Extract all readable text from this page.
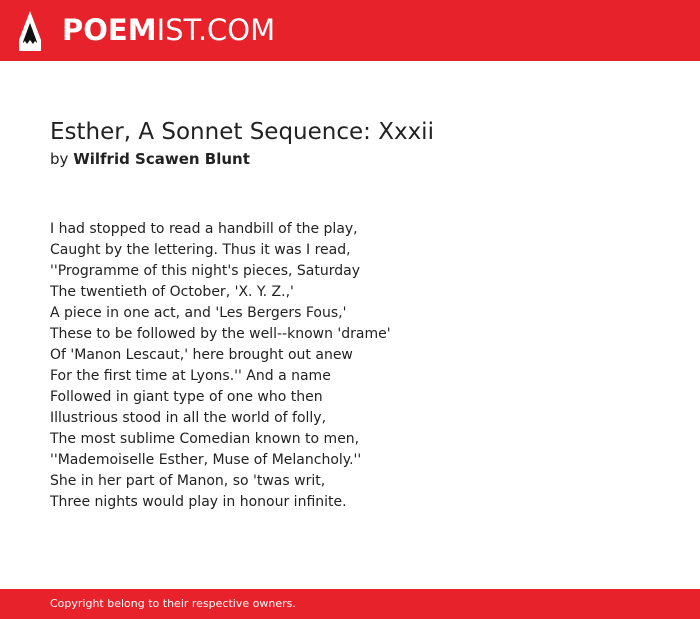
POEMIST.COM
Esther, A Sonnet Sequence: Xxxii
by Wilfrid Scawen Blunt
I had stopped to read a handbill of the play,
Caught by the lettering. Thus it was I read,
''Programme of this night's pieces, Saturday
The twentieth of October, 'X. Y. Z.,'
A piece in one act, and 'Les Bergers Fous,'
These to be followed by the well--known 'drame'
Of 'Manon Lescaut,' here brought out anew
For the first time at Lyons.'' And a name
Followed in giant type of one who then
Illustrious stood in all the world of folly,
The most sublime Comedian known to men,
''Mademoiselle Esther, Muse of Melancholy.''
She in her part of Manon, so 'twas writ,
Three nights would play in honour infinite.
Copyright belong to their respective owners.
